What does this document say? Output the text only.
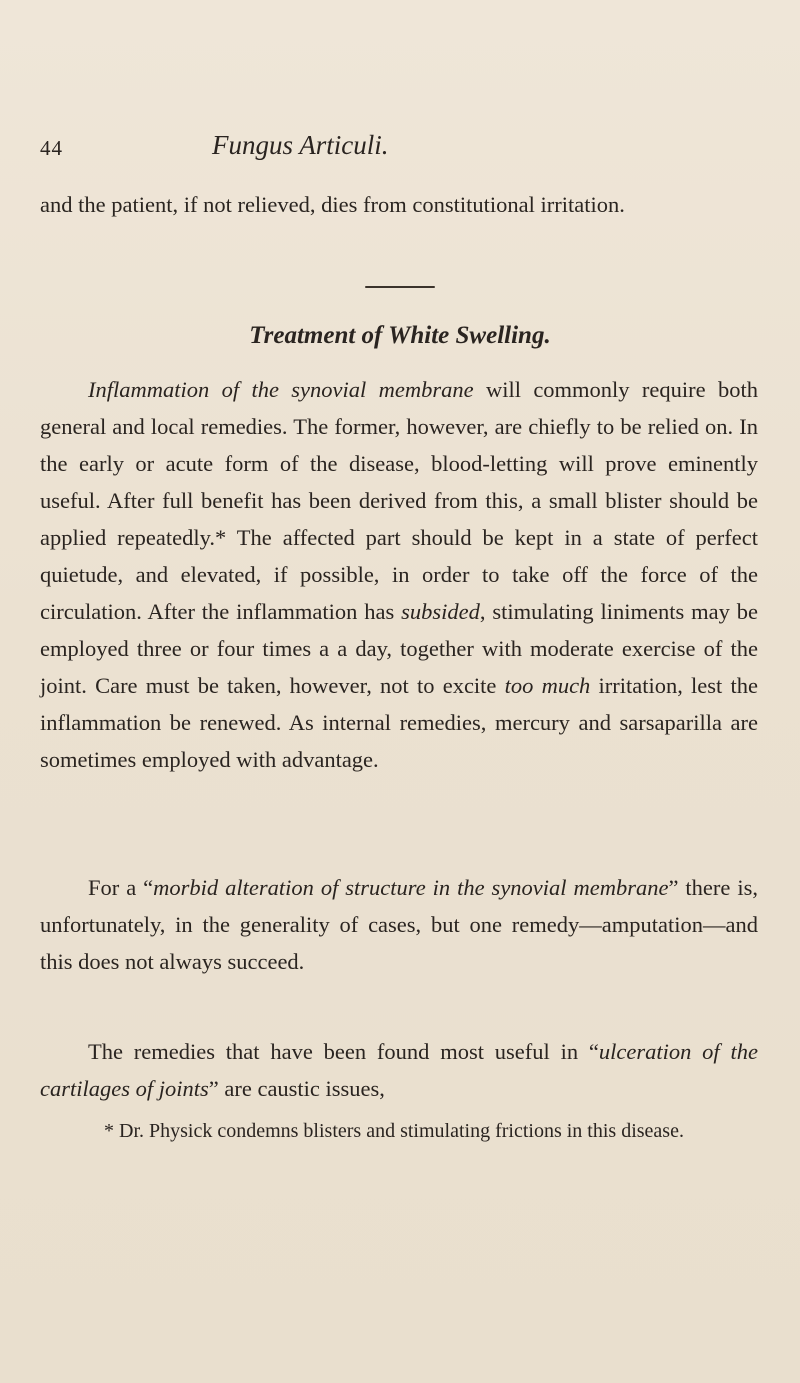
44	Fungus Articuli.

and the patient, if not relieved, dies from constitutional irritation.

Treatment of White Swelling.

Inflammation of the synovial membrane will commonly require both general and local remedies. The former, however, are chiefly to be relied on. In the early or acute form of the disease, blood-letting will prove eminently useful. After full benefit has been derived from this, a small blister should be applied repeatedly.* The affected part should be kept in a state of perfect quietude, and elevated, if possible, in order to take off the force of the circulation. After the inflammation has subsided, stimulating liniments may be employed three or four times a a day, together with moderate exercise of the joint. Care must be taken, however, not to excite too much irritation, lest the inflammation be renewed. As internal remedies, mercury and sarsaparilla are sometimes employed with advantage.

For a “morbid alteration of structure in the synovial membrane” there is, unfortunately, in the generality of cases, but one remedy—amputation—and this does not always succeed.

The remedies that have been found most useful in “ulceration of the cartilages of joints” are caustic issues,

* Dr. Physick condemns blisters and stimulating frictions in this disease.
